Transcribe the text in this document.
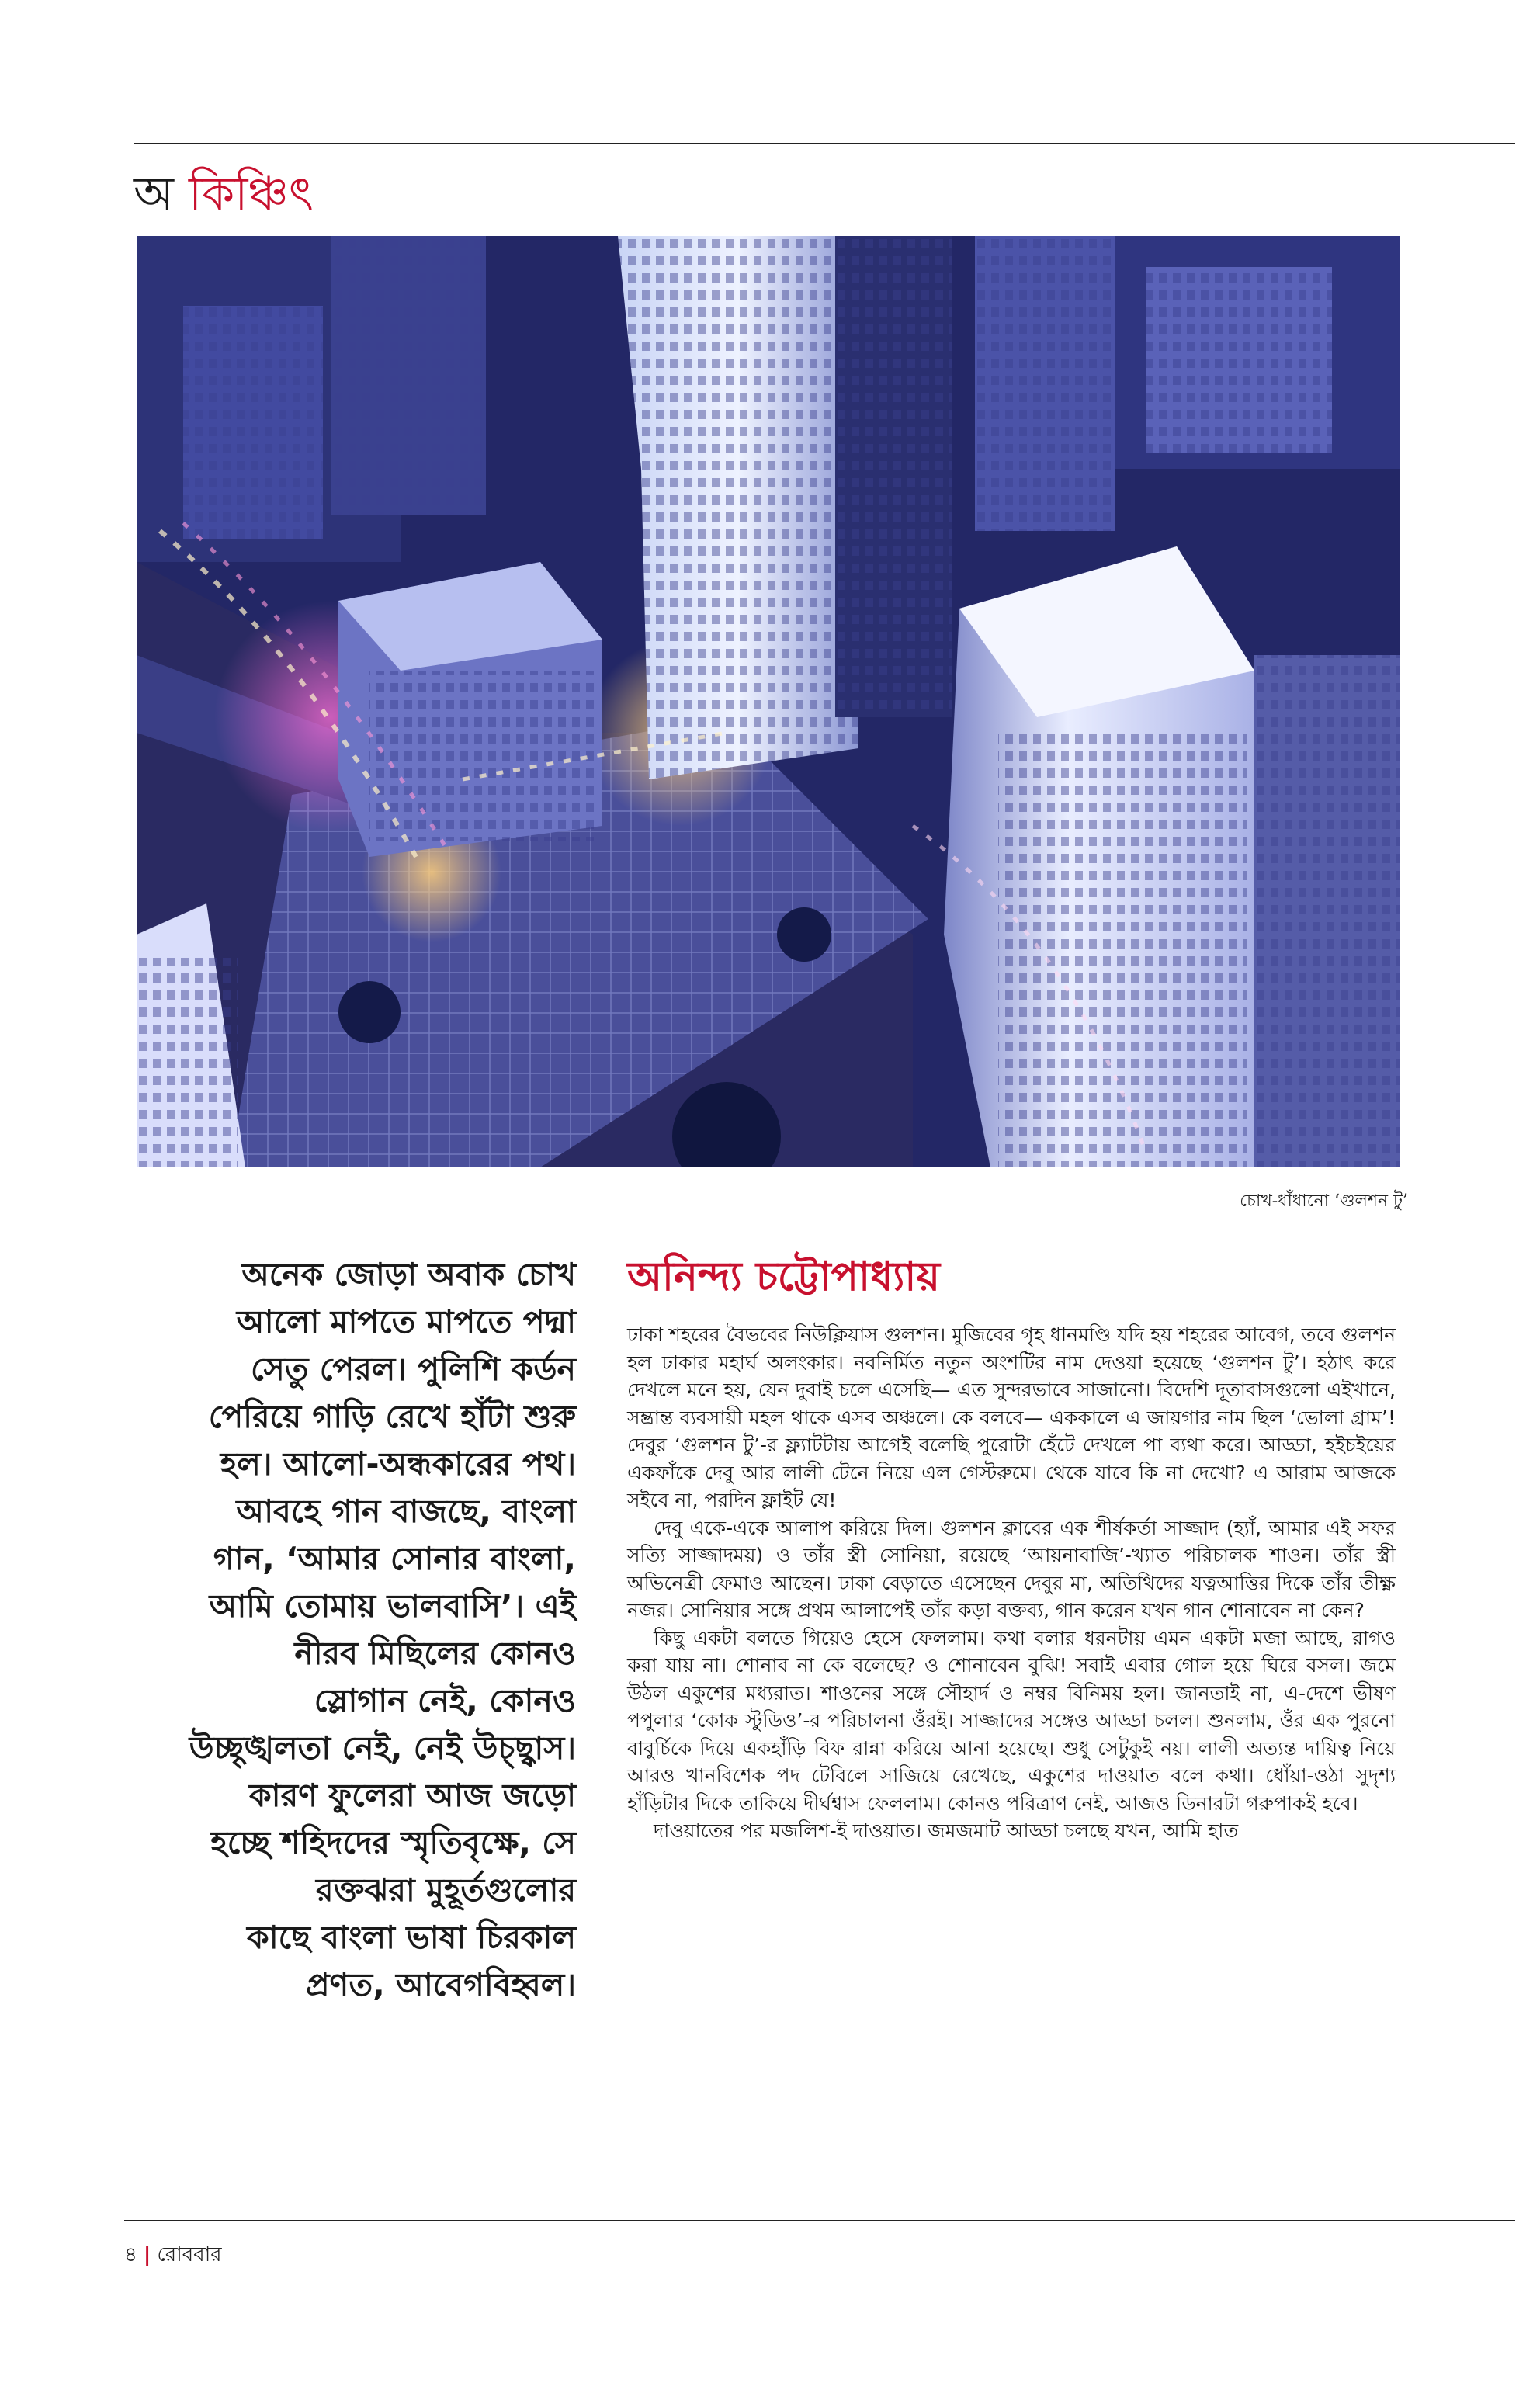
অ কিঞ্চিৎ
চোখ-ধাঁধানো ‘গুলশন টু’
অনেক জোড়া অবাক চোখ
আলো মাপতে মাপতে পদ্মা
সেতু পেরল। পুলিশি কর্ডন
পেরিয়ে গাড়ি রেখে হাঁটা শুরু
হল। আলো-অন্ধকারের পথ।
আবহে গান বাজছে, বাংলা
গান, ‘আমার সোনার বাংলা,
আমি তোমায় ভালবাসি’। এই
নীরব মিছিলের কোনও
স্লোগান নেই, কোনও
উচ্ছৃঙ্খলতা নেই, নেই উচ্ছ্বাস।
কারণ ফুলেরা আজ জড়ো
হচ্ছে শহিদদের স্মৃতিবৃক্ষে, সে
রক্তঝরা মুহূর্তগুলোর
কাছে বাংলা ভাষা চিরকাল
প্রণত, আবেগবিহ্বল।
অনিন্দ্য চট্টোপাধ্যায়

ঢাকা শহরের বৈভবের নিউক্লিয়াস গুলশন। মুজিবের গৃহ ধানমণ্ডি যদি হয় শহরের আবেগ, তবে গুলশন হল ঢাকার মহার্ঘ অলংকার। নবনির্মিত নতুন অংশটির নাম দেওয়া হয়েছে ‘গুলশন টু’। হঠাৎ করে দেখলে মনে হয়, যেন দুবাই চলে এসেছি— এত সুন্দরভাবে সাজানো। বিদেশি দূতাবাসগুলো এইখানে, সম্ভ্রান্ত ব্যবসায়ী মহল থাকে এসব অঞ্চলে। কে বলবে— এককালে এ জায়গার নাম ছিল ‘ভোলা গ্রাম’! দেবুর ‘গুলশন টু’-র ফ্ল্যাটটায় আগেই বলেছি পুরোটা হেঁটে দেখলে পা ব্যথা করে। আড্ডা, হইচইয়ের একফাঁকে দেবু আর লালী টেনে নিয়ে এল গেস্টরুমে। থেকে যাবে কি না দেখো? এ আরাম আজকে সইবে না, পরদিন ফ্লাইট যে!

দেবু একে-একে আলাপ করিয়ে দিল। গুলশন ক্লাবের এক শীর্ষকর্তা সাজ্জাদ (হ্যাঁ, আমার এই সফর সত্যি সাজ্জাদময়) ও তাঁর স্ত্রী সোনিয়া, রয়েছে ‘আয়নাবাজি’-খ্যাত পরিচালক শাওন। তাঁর স্ত্রী অভিনেত্রী ফেমাও আছেন। ঢাকা বেড়াতে এসেছেন দেবুর মা, অতিথিদের যত্নআত্তির দিকে তাঁর তীক্ষ্ণ নজর। সোনিয়ার সঙ্গে প্রথম আলাপেই তাঁর কড়া বক্তব্য, গান করেন যখন গান শোনাবেন না কেন?

কিছু একটা বলতে গিয়েও হেসে ফেললাম। কথা বলার ধরনটায় এমন একটা মজা আছে, রাগও করা যায় না। শোনাব না কে বলেছে? ও শোনাবেন বুঝি! সবাই এবার গোল হয়ে ঘিরে বসল। জমে উঠল একুশের মধ্যরাত। শাওনের সঙ্গে সৌহার্দ ও নম্বর বিনিময় হল। জানতাই না, এ-দেশে ভীষণ পপুলার ‘কোক স্টুডিও’-র পরিচালনা ওঁরই। সাজ্জাদের সঙ্গেও আড্ডা চলল। শুনলাম, ওঁর এক পুরনো বাবুর্চিকে দিয়ে একহাঁড়ি বিফ রান্না করিয়ে আনা হয়েছে। শুধু সেটুকুই নয়। লালী অত্যন্ত দায়িত্ব নিয়ে আরও খানবিশেক পদ টেবিলে সাজিয়ে রেখেছে, একুশের দাওয়াত বলে কথা। ধোঁয়া-ওঠা সুদৃশ্য হাঁড়িটার দিকে তাকিয়ে দীর্ঘশ্বাস ফেললাম। কোনও পরিত্রাণ নেই, আজও ডিনারটা গরুপাকই হবে।

দাওয়াতের পর মজলিশ-ই দাওয়াত। জমজমাট আড্ডা চলছে যখন, আমি হাত

৪ | রোববার
